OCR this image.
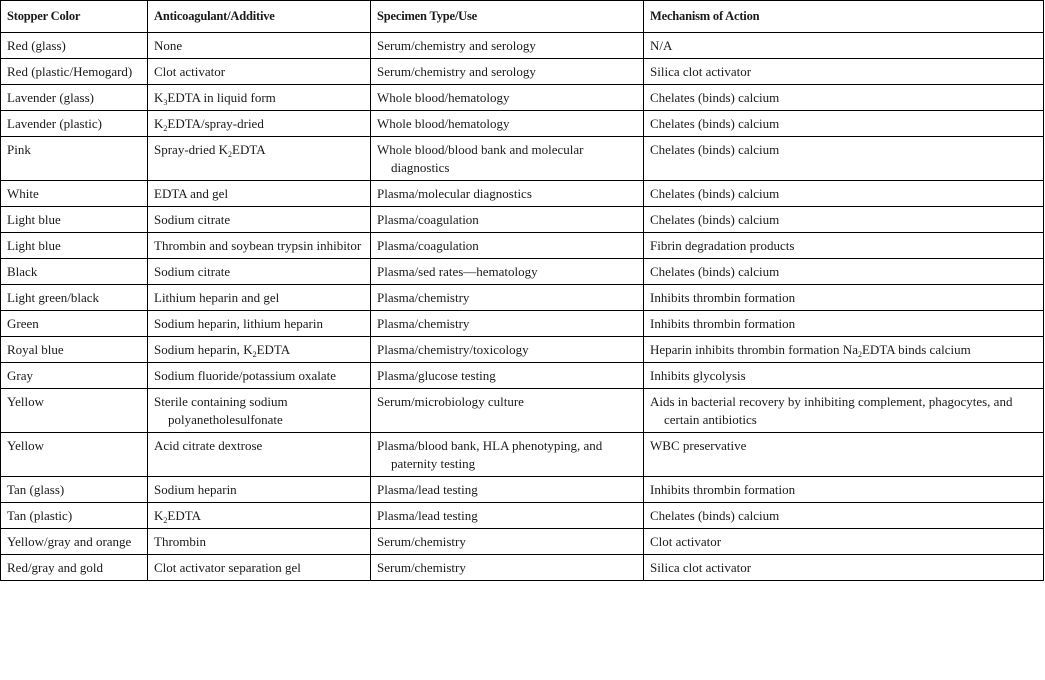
Stopper Color	Anticoagulant/Additive	Specimen Type/Use	Mechanism of Action
Red (glass)	None	Serum/chemistry and serology	N/A
Red (plastic/Hemogard)	Clot activator	Serum/chemistry and serology	Silica clot activator
Lavender (glass)	$K_3EDTA$ in liquid form	Whole blood/hematology	Chelates (binds) calcium
Lavender (plastic)	$K_2EDTA/spray$-dried	Whole blood/hematology	Chelates (binds) calcium
Pink	Spray-dried $K_2EDTA$	Whole blood/blood bank and molecular diagnostics	Chelates (binds) calcium
White	EDTA and gel	Plasma/molecular diagnostics	Chelates (binds) calcium
Light blue	Sodium citrate	Plasma/coagulation	Chelates (binds) calcium
Light blue	Thrombin and soybean trypsin inhibitor	Plasma/coagulation	Fibrin degradation products
Black	Sodium citrate	Plasma/sed rates—hematology	Chelates (binds) calcium
Light green/black	Lithium heparin and gel	Plasma/chemistry	Inhibits thrombin formation
Green	Sodium heparin, lithium heparin	Plasma/chemistry	Inhibits thrombin formation
Royal blue	Sodium heparin, $K_2EDTA$	Plasma/chemistry/toxicology	Heparin inhibits thrombin formation $Na_2EDTA$ binds calcium
Gray	Sodium fluoride/potassium oxalate	Plasma/glucose testing	Inhibits glycolysis
Yellow	Sterile containing sodium polyanetholesulfonate	Serum/microbiology culture	Aids in bacterial recovery by inhibiting complement, phagocytes, and certain antibiotics
Yellow	Acid citrate dextrose	Plasma/blood bank, HLA phenotyping, and paternity testing	WBC preservative
Tan (glass)	Sodium heparin	Plasma/lead testing	Inhibits thrombin formation
Tan (plastic)	$K_2EDTA$	Plasma/lead testing	Chelates (binds) calcium
Yellow/gray and orange	Thrombin	Serum/chemistry	Clot activator
Red/gray and gold	Clot activator separation gel	Serum/chemistry	Silica clot activator
